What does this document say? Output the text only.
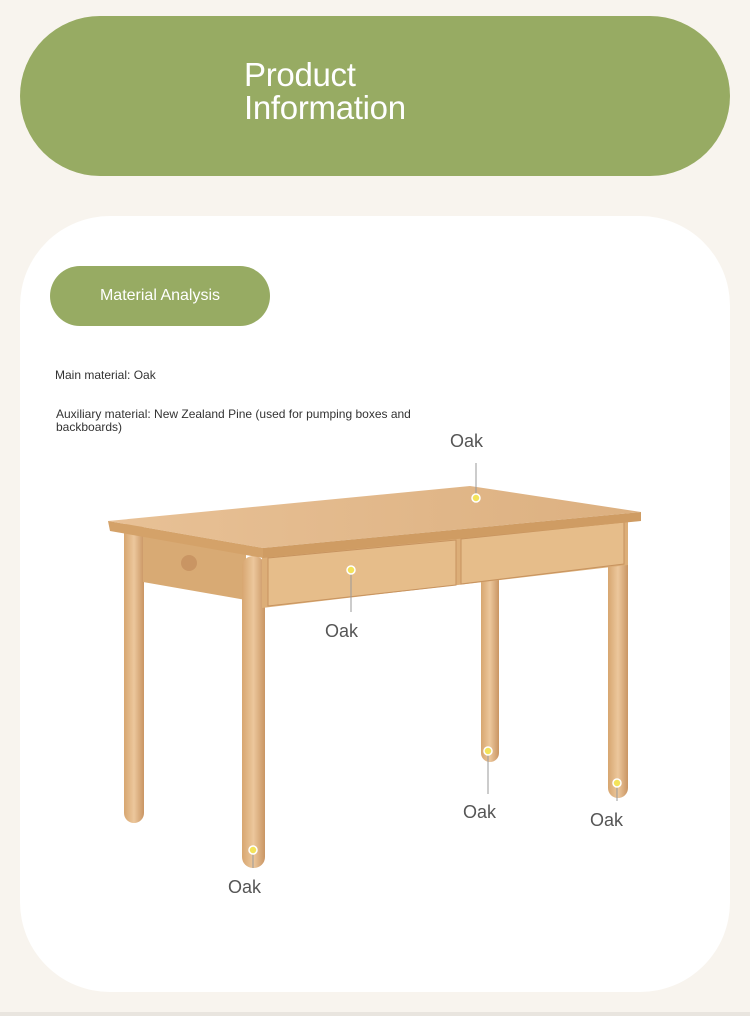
Product
Information
Material Analysis
Main material: Oak
Auxiliary material: New Zealand Pine (used for pumping boxes and backboards)
Oak
Oak
Oak	Oak
Oak
